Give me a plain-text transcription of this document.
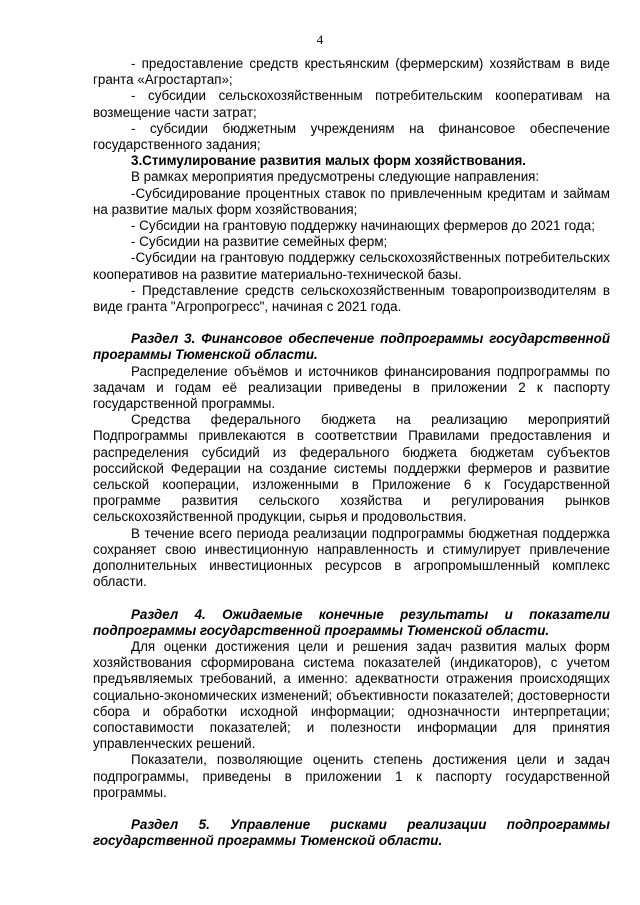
4

- предоставление средств крестьянским (фермерским) хозяйствам в виде гранта «Агростартап»;

- субсидии сельскохозяйственным потребительским кооперативам на возмещение части затрат;

- субсидии бюджетным учреждениям на финансовое обеспечение государственного задания;

3.Стимулирование развития малых форм хозяйствования.

В рамках мероприятия предусмотрены следующие направления:

-Субсидирование процентных ставок по привлеченным кредитам и займам на развитие малых форм хозяйствования;

- Субсидии на грантовую поддержку начинающих фермеров до 2021 года;

- Субсидии на развитие семейных ферм;

-Субсидии на грантовую поддержку сельскохозяйственных потребительских кооперативов на развитие материально-технической базы.

- Представление средств сельскохозяйственным товаропроизводителям в виде гранта "Агропрогресс", начиная с 2021 года.

Раздел 3. Финансовое обеспечение подпрограммы государственной программы Тюменской области.

Распределение объёмов и источников финансирования подпрограммы по задачам и годам её реализации приведены в приложении 2 к паспорту государственной программы.

Средства федерального бюджета на реализацию мероприятий Подпрограммы привлекаются в соответствии Правилами предоставления и распределения субсидий из федерального бюджета бюджетам субъектов российской Федерации на создание системы поддержки фермеров и развитие сельской кооперации, изложенными в Приложение 6 к Государственной программе развития сельского хозяйства и регулирования рынков сельскохозяйственной продукции, сырья и продовольствия.

В течение всего периода реализации подпрограммы бюджетная поддержка сохраняет свою инвестиционную направленность и стимулирует привлечение дополнительных инвестиционных ресурсов в агропромышленный комплекс области.

Раздел 4. Ожидаемые конечные результаты и показатели подпрограммы государственной программы Тюменской области.

Для оценки достижения цели и решения задач развития малых форм хозяйствования сформирована система показателей (индикаторов), с учетом предъявляемых требований, а именно: адекватности отражения происходящих социально-экономических изменений; объективности показателей; достоверности сбора и обработки исходной информации; однозначности интерпретации; сопоставимости показателей; и полезности информации для принятия управленческих решений.

Показатели, позволяющие оценить степень достижения цели и задач подпрограммы, приведены в приложении 1 к паспорту государственной программы.

Раздел 5. Управление рисками реализации подпрограммы государственной программы Тюменской области.
